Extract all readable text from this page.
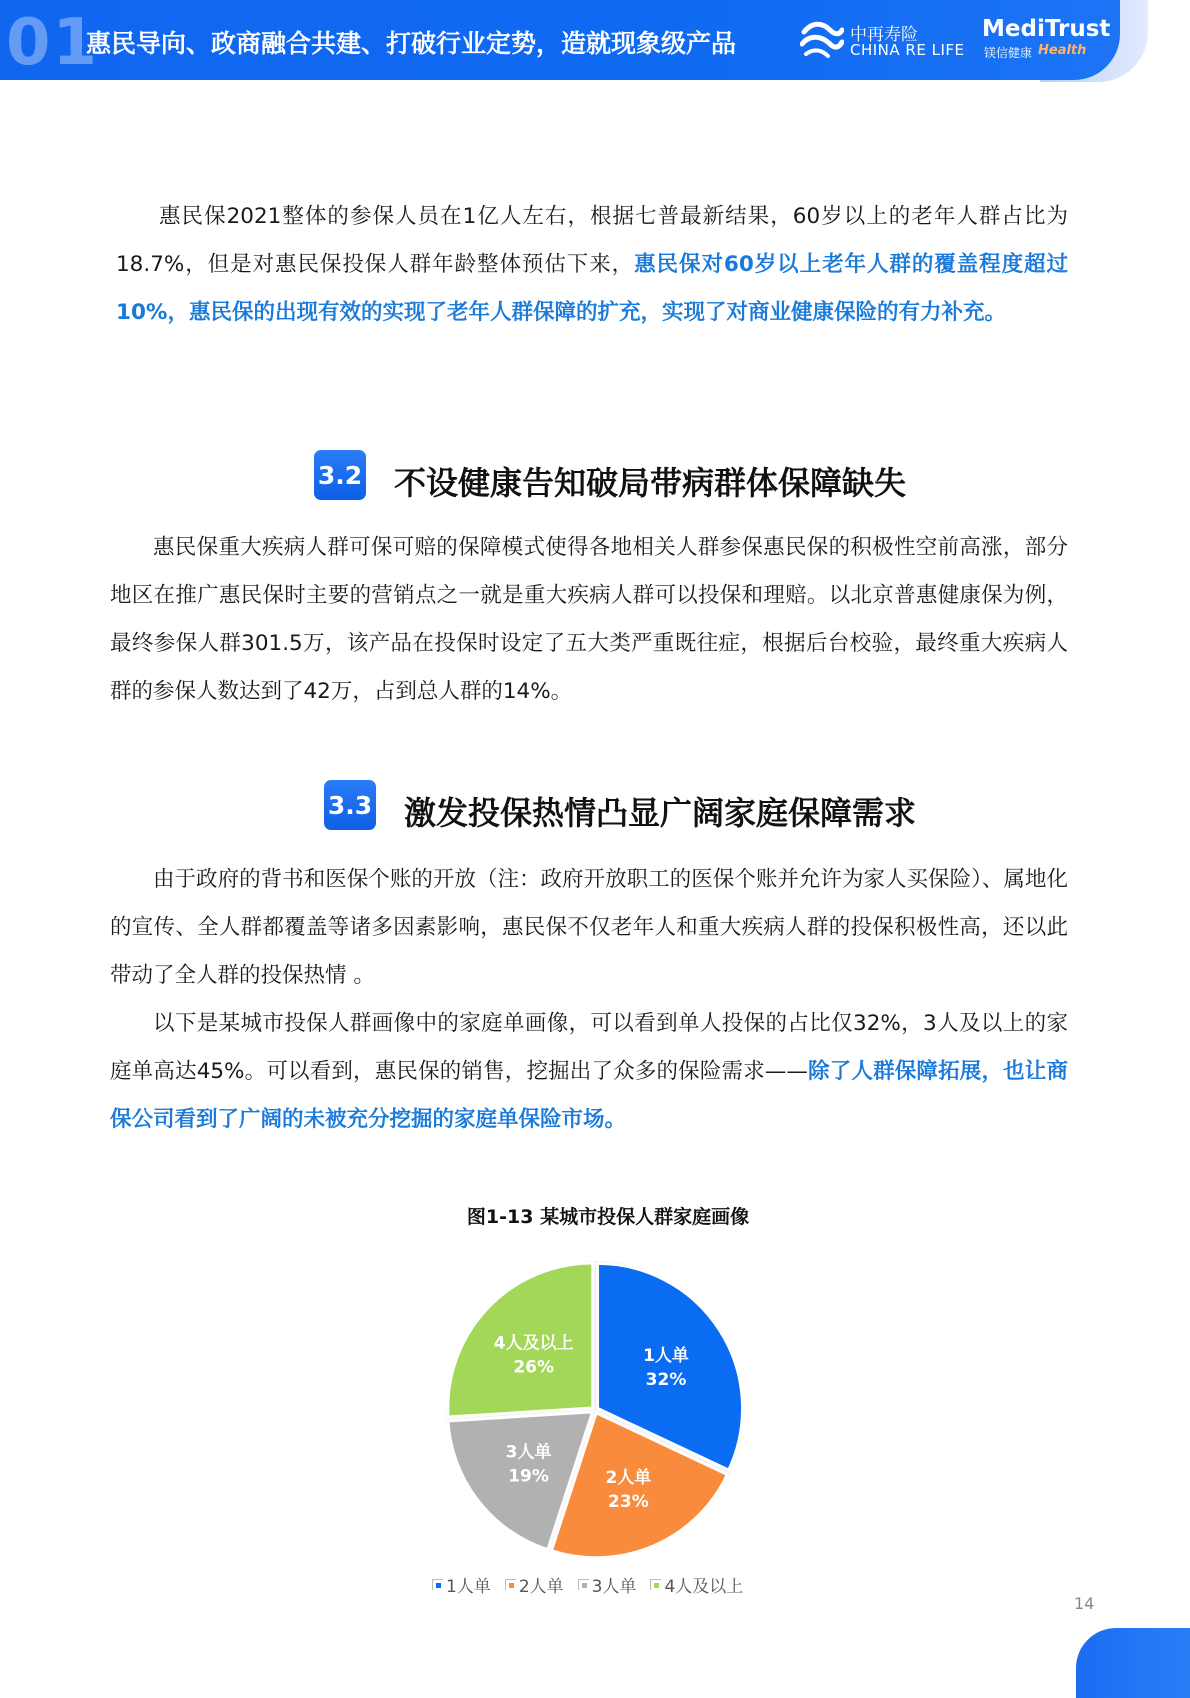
01
惠民导向、政商融合共建、打破行业定势，造就现象级产品	中再寿险
CHINA RE LIFE
MediTrust
镁信健康 Health
惠民保2021整体的参保人员在1亿人左右，根据七普最新结果，60岁以上的老年人群占比为18.7%，但是对惠民保投保人群年龄整体预估下来，惠民保对60岁以上老年人群的覆盖程度超过10%，惠民保的出现有效的实现了老年人群保障的扩充，实现了对商业健康保险的有力补充。
3.2 不设健康告知破局带病群体保障缺失
惠民保重大疾病人群可保可赔的保障模式使得各地相关人群参保惠民保的积极性空前高涨，部分地区在推广惠民保时主要的营销点之一就是重大疾病人群可以投保和理赔。以北京普惠健康保为例，最终参保人群301.5万，该产品在投保时设定了五大类严重既往症，根据后台校验，最终重大疾病人群的参保人数达到了42万，占到总人群的14%。
3.3 激发投保热情凸显广阔家庭保障需求
由于政府的背书和医保个账的开放（注：政府开放职工的医保个账并允许为家人买保险）、属地化的宣传、全人群都覆盖等诸多因素影响，惠民保不仅老年人和重大疾病人群的投保积极性高，还以此带动了全人群的投保热情 。
以下是某城市投保人群画像中的家庭单画像，可以看到单人投保的占比仅32%，3人及以上的家庭单高达45%。可以看到，惠民保的销售，挖掘出了众多的保险需求——除了人群保障拓展，也让商保公司看到了广阔的未被充分挖掘的家庭单保险市场。
图1-13 某城市投保人群家庭画像
1人单
32%
2人单
23%
3人单
19%
4人及以上
26%
1人单 2人单 3人单 4人及以上
14
